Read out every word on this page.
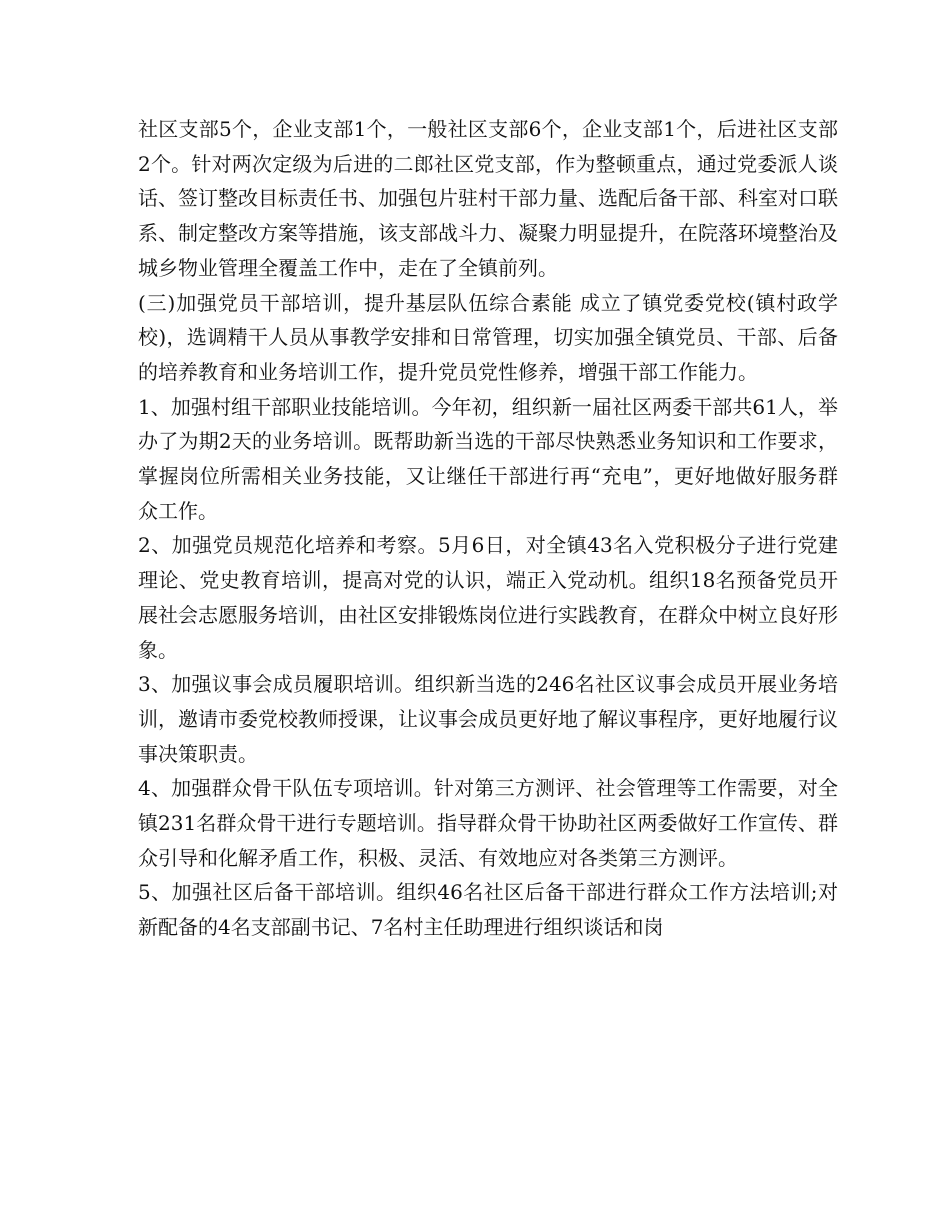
社区支部5个，企业支部1个，一般社区支部6个，企业支部1个，后进社区支部2个。针对两次定级为后进的二郎社区党支部，作为整顿重点，通过党委派人谈话、签订整改目标责任书、加强包片驻村干部力量、选配后备干部、科室对口联系、制定整改方案等措施，该支部战斗力、凝聚力明显提升，在院落环境整治及城乡物业管理全覆盖工作中，走在了全镇前列。

(三)加强党员干部培训，提升基层队伍综合素能 成立了镇党委党校(镇村政学校)，选调精干人员从事教学安排和日常管理，切实加强全镇党员、干部、后备的培养教育和业务培训工作，提升党员党性修养，增强干部工作能力。

1、加强村组干部职业技能培训。今年初，组织新一届社区两委干部共61人，举办了为期2天的业务培训。既帮助新当选的干部尽快熟悉业务知识和工作要求，掌握岗位所需相关业务技能，又让继任干部进行再“充电”，更好地做好服务群众工作。

2、加强党员规范化培养和考察。5月6日，对全镇43名入党积极分子进行党建理论、党史教育培训，提高对党的认识，端正入党动机。组织18名预备党员开展社会志愿服务培训，由社区安排锻炼岗位进行实践教育，在群众中树立良好形象。

3、加强议事会成员履职培训。组织新当选的246名社区议事会成员开展业务培训，邀请市委党校教师授课，让议事会成员更好地了解议事程序，更好地履行议事决策职责。

4、加强群众骨干队伍专项培训。针对第三方测评、社会管理等工作需要，对全镇231名群众骨干进行专题培训。指导群众骨干协助社区两委做好工作宣传、群众引导和化解矛盾工作，积极、灵活、有效地应对各类第三方测评。

5、加强社区后备干部培训。组织46名社区后备干部进行群众工作方法培训;对新配备的4名支部副书记、7名村主任助理进行组织谈话和岗
